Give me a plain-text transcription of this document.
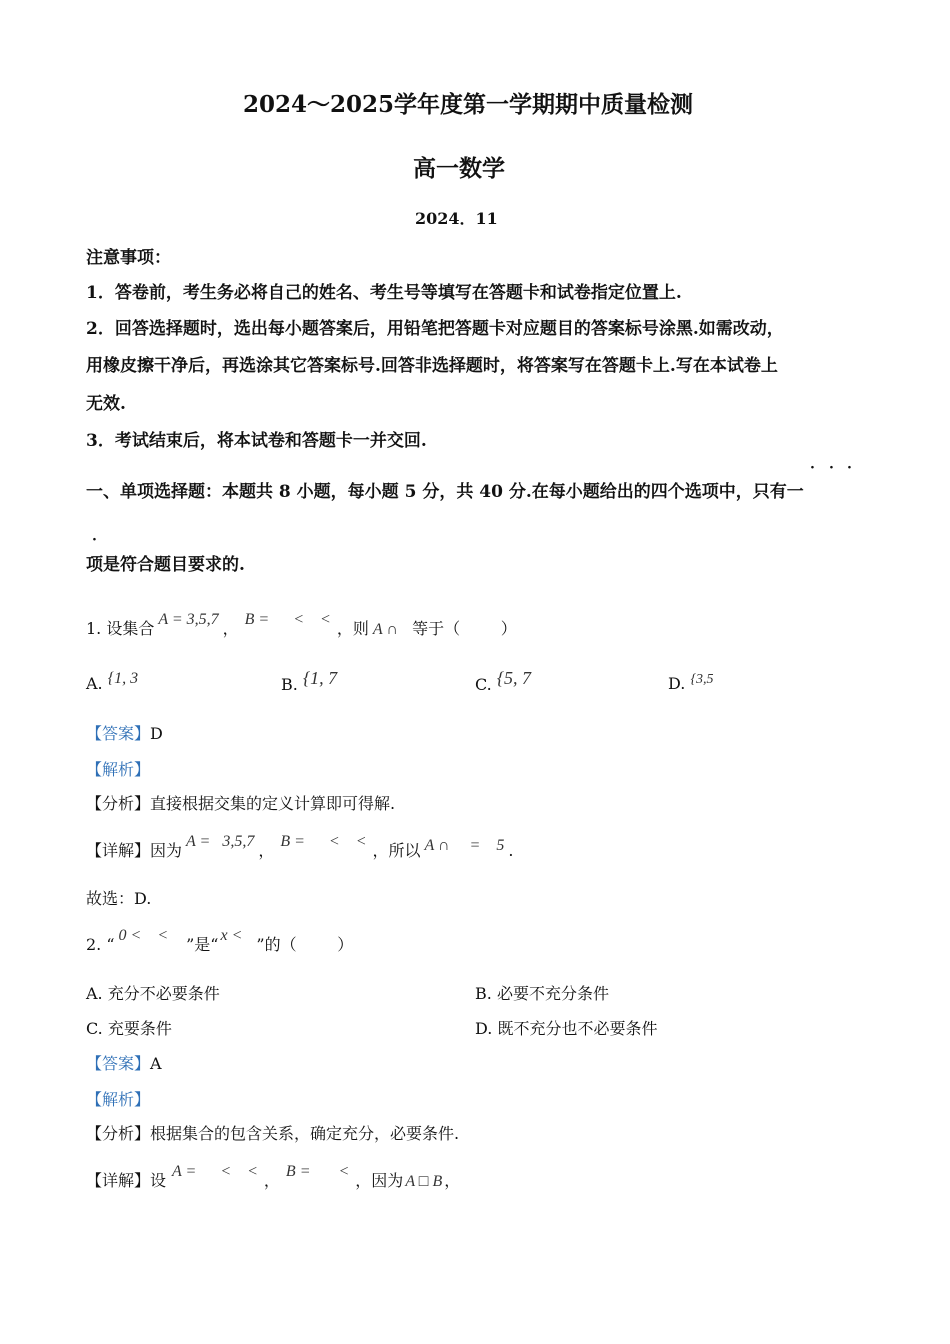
2024～2025学年度第一学期期中质量检测
高一数学
2024．11
注意事项：
1．答卷前，考生务必将自己的姓名、考生号等填写在答题卡和试卷指定位置上.
2．回答选择题时，选出每小题答案后，用铅笔把答题卡对应题目的答案标号涂黑.如需改动，
用橡皮擦干净后，再选涂其它答案标号.回答非选择题时，将答案写在答题卡上.写在本试卷上
无效.
3．考试结束后，将本试卷和答题卡一并交回.
一、单项选择题：本题共 8 小题，每小题 5 分，共 40 分.在每小题给出的四个选项中，只有一
· · ·
·
项是符合题目要求的.
1. 设集合 A = 3,5,7 ， B =      <    < ，则 A ∩  等于（        ）
A. {1, 3	B. {1, 7	C. {5, 7	D. {3,5
【答案】D
【解析】
【分析】直接根据交集的定义计算即可得解.
【详解】因为 A =   3,5,7 ， B =      <    < ，所以 A ∩     =    5 .
故选：D.
2. “ 0 <    < ”是“ x < ”的（        ）
A. 充分不必要条件	B. 必要不充分条件
C. 充要条件	D. 既不充分也不必要条件
【答案】A
【解析】
【分析】根据集合的包含关系，确定充分，必要条件.
【详解】设 A =      <    < ， B =       < ，因为 A □ B ，
